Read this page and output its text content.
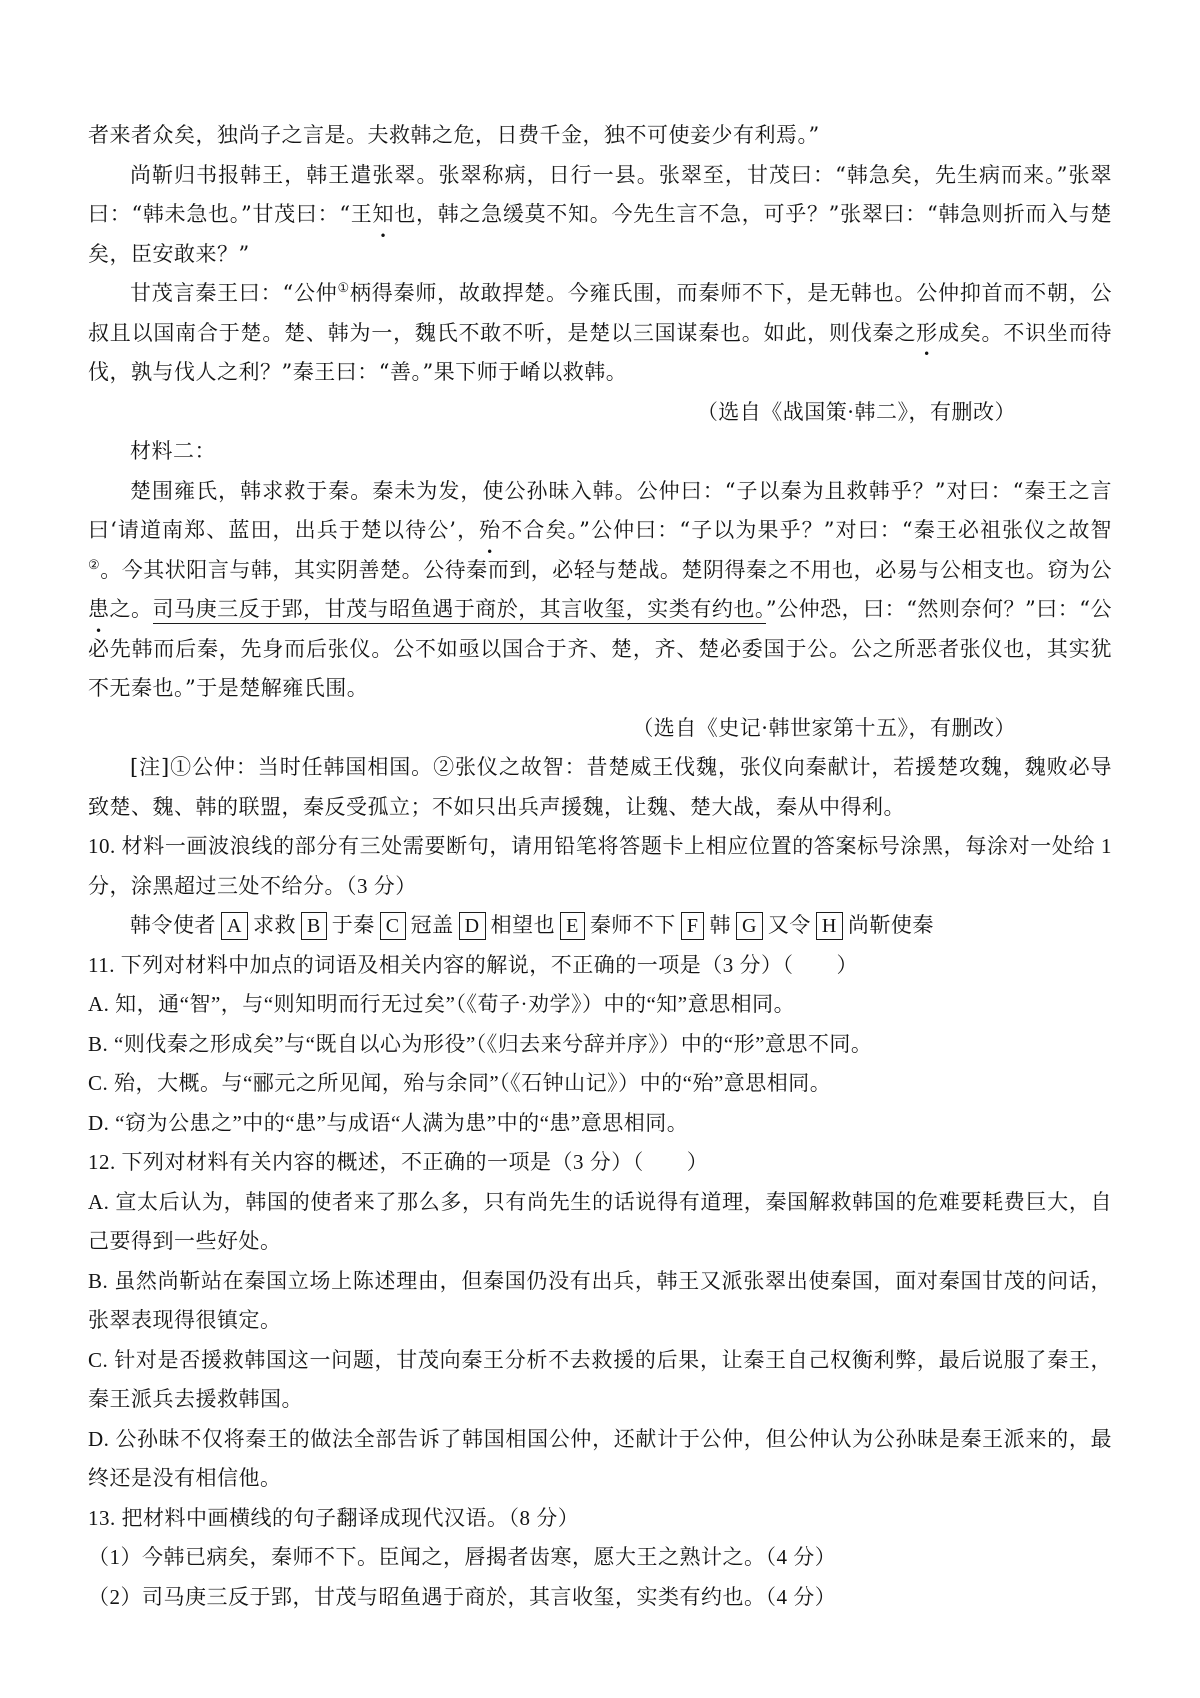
者来者众矣，独尚子之言是。夫救韩之危，日费千金，独不可使妾少有利焉。”

尚靳归书报韩王，韩王遣张翠。张翠称病，日行一县。张翠至，甘茂曰：“韩急矣，先生病而来。”张翠曰：“韩未急也。”甘茂曰：“王知也，韩之急缓莫不知。今先生言不急，可乎？”张翠曰：“韩急则折而入与楚矣，臣安敢来？”

甘茂言秦王曰：“公仲①柄得秦师，故敢捍楚。今雍氏围，而秦师不下，是无韩也。公仲抑首而不朝，公叔且以国南合于楚。楚、韩为一，魏氏不敢不听，是楚以三国谋秦也。如此，则伐秦之形成矣。不识坐而待伐，孰与伐人之利？”秦王曰：“善。”果下师于崤以救韩。

（选自《战国策·韩二》，有删改）

材料二：

楚围雍氏，韩求救于秦。秦未为发，使公孙昧入韩。公仲曰：“子以秦为且救韩乎？”对曰：“秦王之言曰‘请道南郑、蓝田，出兵于楚以待公’，殆不合矣。”公仲曰：“子以为果乎？”对曰：“秦王必祖张仪之故智②。今其状阳言与韩，其实阴善楚。公待秦而到，必轻与楚战。楚阴得秦之不用也，必易与公相支也。窃为公患之。司马庚三反于郢，甘茂与昭鱼遇于商於，其言收玺，实类有约也。”公仲恐，曰：“然则奈何？”曰：“公必先韩而后秦，先身而后张仪。公不如亟以国合于齐、楚，齐、楚必委国于公。公之所恶者张仪也，其实犹不无秦也。”于是楚解雍氏围。

（选自《史记·韩世家第十五》，有删改）

[注]①公仲：当时任韩国相国。②张仪之故智：昔楚威王伐魏，张仪向秦献计，若援楚攻魏，魏败必导致楚、魏、韩的联盟，秦反受孤立；不如只出兵声援魏，让魏、楚大战，秦从中得利。

10. 材料一画波浪线的部分有三处需要断句，请用铅笔将答题卡上相应位置的答案标号涂黑，每涂对一处给 1 分，涂黑超过三处不给分。（3 分）

韩令使者 A 求救 B 于秦 C 冠盖 D 相望也 E 秦师不下 F 韩 G 又令 H 尚靳使秦

11. 下列对材料中加点的词语及相关内容的解说，不正确的一项是（3 分）（　　）

A. 知，通“智”，与“则知明而行无过矣”（《荀子·劝学》）中的“知”意思相同。

B. “则伐秦之形成矣”与“既自以心为形役”（《归去来兮辞并序》）中的“形”意思不同。

C. 殆，大概。与“郦元之所见闻，殆与余同”（《石钟山记》）中的“殆”意思相同。

D. “窃为公患之”中的“患”与成语“人满为患”中的“患”意思相同。

12. 下列对材料有关内容的概述，不正确的一项是（3 分）（　　）

A. 宣太后认为，韩国的使者来了那么多，只有尚先生的话说得有道理，秦国解救韩国的危难要耗费巨大，自己要得到一些好处。

B. 虽然尚靳站在秦国立场上陈述理由，但秦国仍没有出兵，韩王又派张翠出使秦国，面对秦国甘茂的问话，张翠表现得很镇定。

C. 针对是否援救韩国这一问题，甘茂向秦王分析不去救援的后果，让秦王自己权衡利弊，最后说服了秦王，秦王派兵去援救韩国。

D. 公孙昧不仅将秦王的做法全部告诉了韩国相国公仲，还献计于公仲，但公仲认为公孙昧是秦王派来的，最终还是没有相信他。

13. 把材料中画横线的句子翻译成现代汉语。（8 分）

（1）今韩已病矣，秦师不下。臣闻之，唇揭者齿寒，愿大王之熟计之。（4 分）

（2）司马庚三反于郢，甘茂与昭鱼遇于商於，其言收玺，实类有约也。（4 分）
